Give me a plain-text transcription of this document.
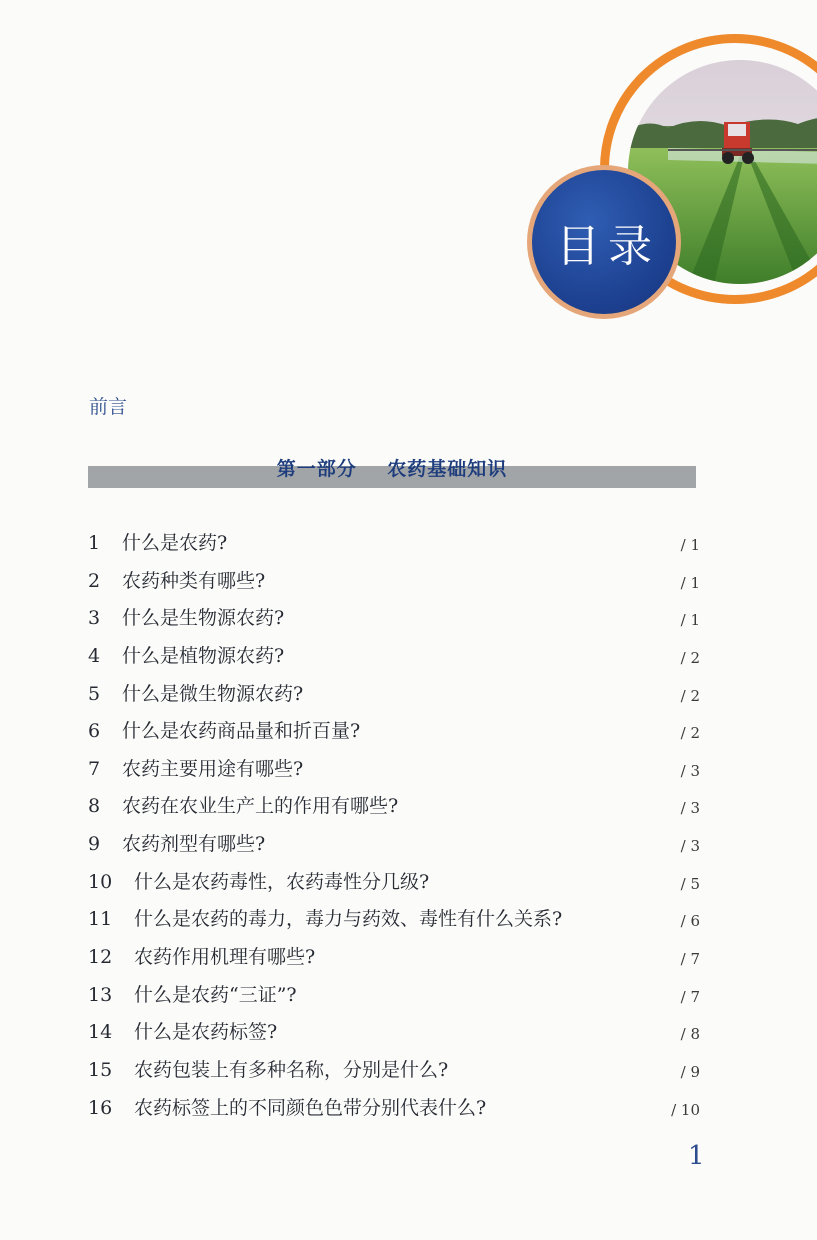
目录
前言
第一部分    农药基础知识
1 什么是农药?	/ 1
2 农药种类有哪些?	/ 1
3 什么是生物源农药?	/ 1
4 什么是植物源农药?	/ 2
5 什么是微生物源农药?	/ 2
6 什么是农药商品量和折百量?	/ 2
7 农药主要用途有哪些?	/ 3
8 农药在农业生产上的作用有哪些?	/ 3
9 农药剂型有哪些?	/ 3
10 什么是农药毒性，农药毒性分几级?	/ 5
11 什么是农药的毒力，毒力与药效、毒性有什么关系?	/ 6
12 农药作用机理有哪些?	/ 7
13 什么是农药“三证”?	/ 7
14 什么是农药标签?	/ 8
15 农药包装上有多种名称，分别是什么?	/ 9
16 农药标签上的不同颜色色带分别代表什么?	/ 10
1
